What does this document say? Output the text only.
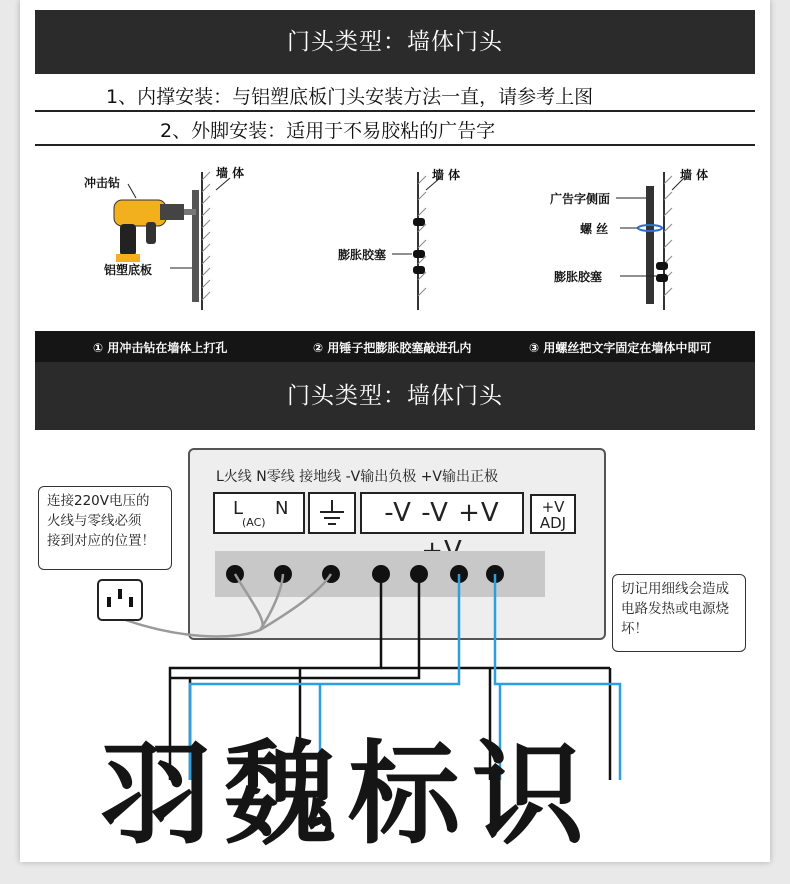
门头类型：墙体门头
1、内撑安装：与铝塑底板门头安装方法一直，请参考上图
2、外脚安装：适用于不易胶粘的广告字
墙 体
冲击钻
铝塑底板
墙 体
膨胀胶塞
墙 体
广告字侧面
螺 丝
膨胀胶塞
① 用冲击钻在墙体上打孔	② 用锤子把膨胀胶塞敲进孔内	③ 用螺丝把文字固定在墙体中即可
门头类型：墙体门头
L火线 N零线 接地线 -V输出负极 +V输出正极
L N
(AC)	-V -V +V	+V
ADJ
连接220V电压的
火线与零线必须
接到对应的位置！
切记用细线会造成
电路发热或电源烧
坏！
羽魏标识
